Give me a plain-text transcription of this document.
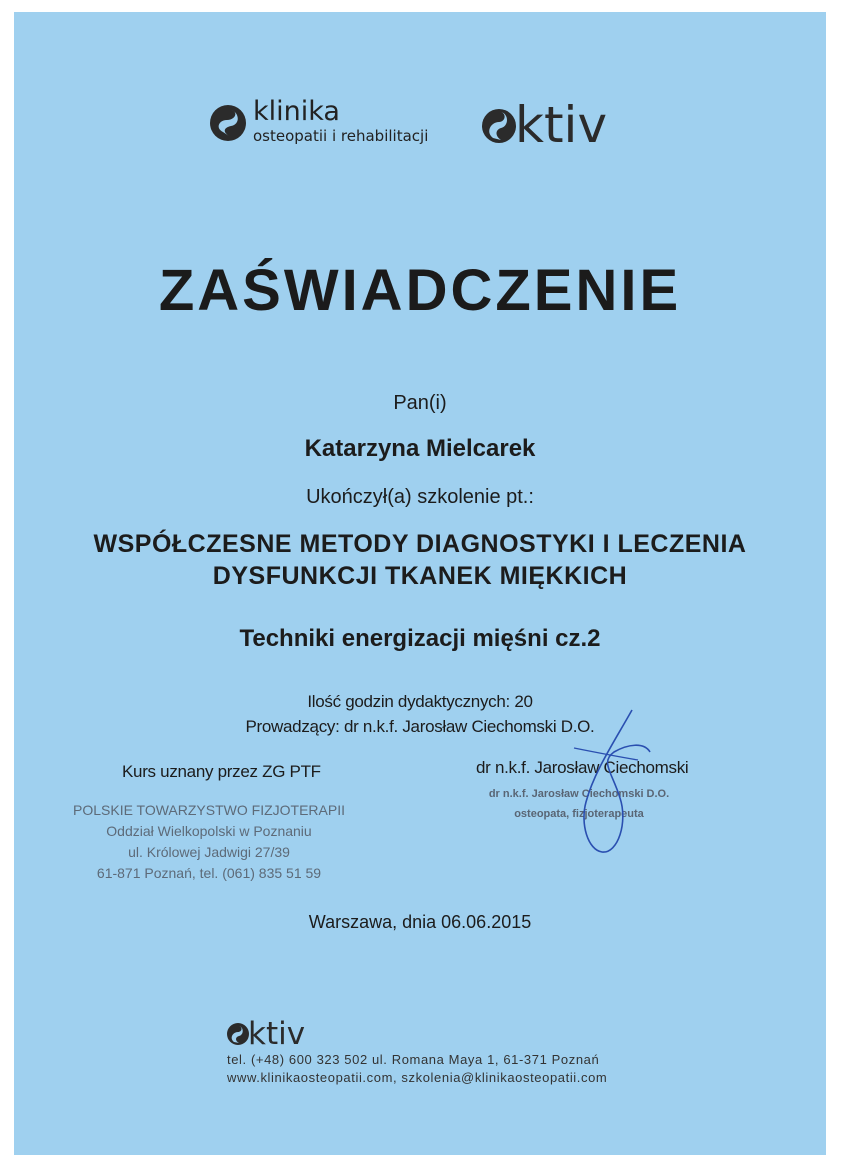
klinika
osteopatii i rehabilitacji ktiv
ZAŚWIADCZENIE
Pan(i)
Katarzyna Mielcarek
Ukończył(a) szkolenie pt.:
WSPÓŁCZESNE METODY DIAGNOSTYKI I LECZENIA
DYSFUNKCJI TKANEK MIĘKKICH
Techniki energizacji mięśni cz.2
Ilość godzin dydaktycznych: 20
Prowadzący: dr n.k.f. Jarosław Ciechomski D.O.
Kurs uznany przez ZG PTF
POLSKIE TOWARZYSTWO FIZJOTERAPII
Oddział Wielkopolski w Poznaniu
ul. Królowej Jadwigi 27/39
61-871 Poznań, tel. (061) 835 51 59
dr n.k.f. Jarosław Ciechomski
dr n.k.f. Jarosław Ciechomski D.O.
osteopata, fizjoterapeuta
Warszawa, dnia 06.06.2015
ktiv
tel. (+48) 600 323 502 ul. Romana Maya 1, 61-371 Poznań
www.klinikaosteopatii.com, szkolenia@klinikaosteopatii.com
